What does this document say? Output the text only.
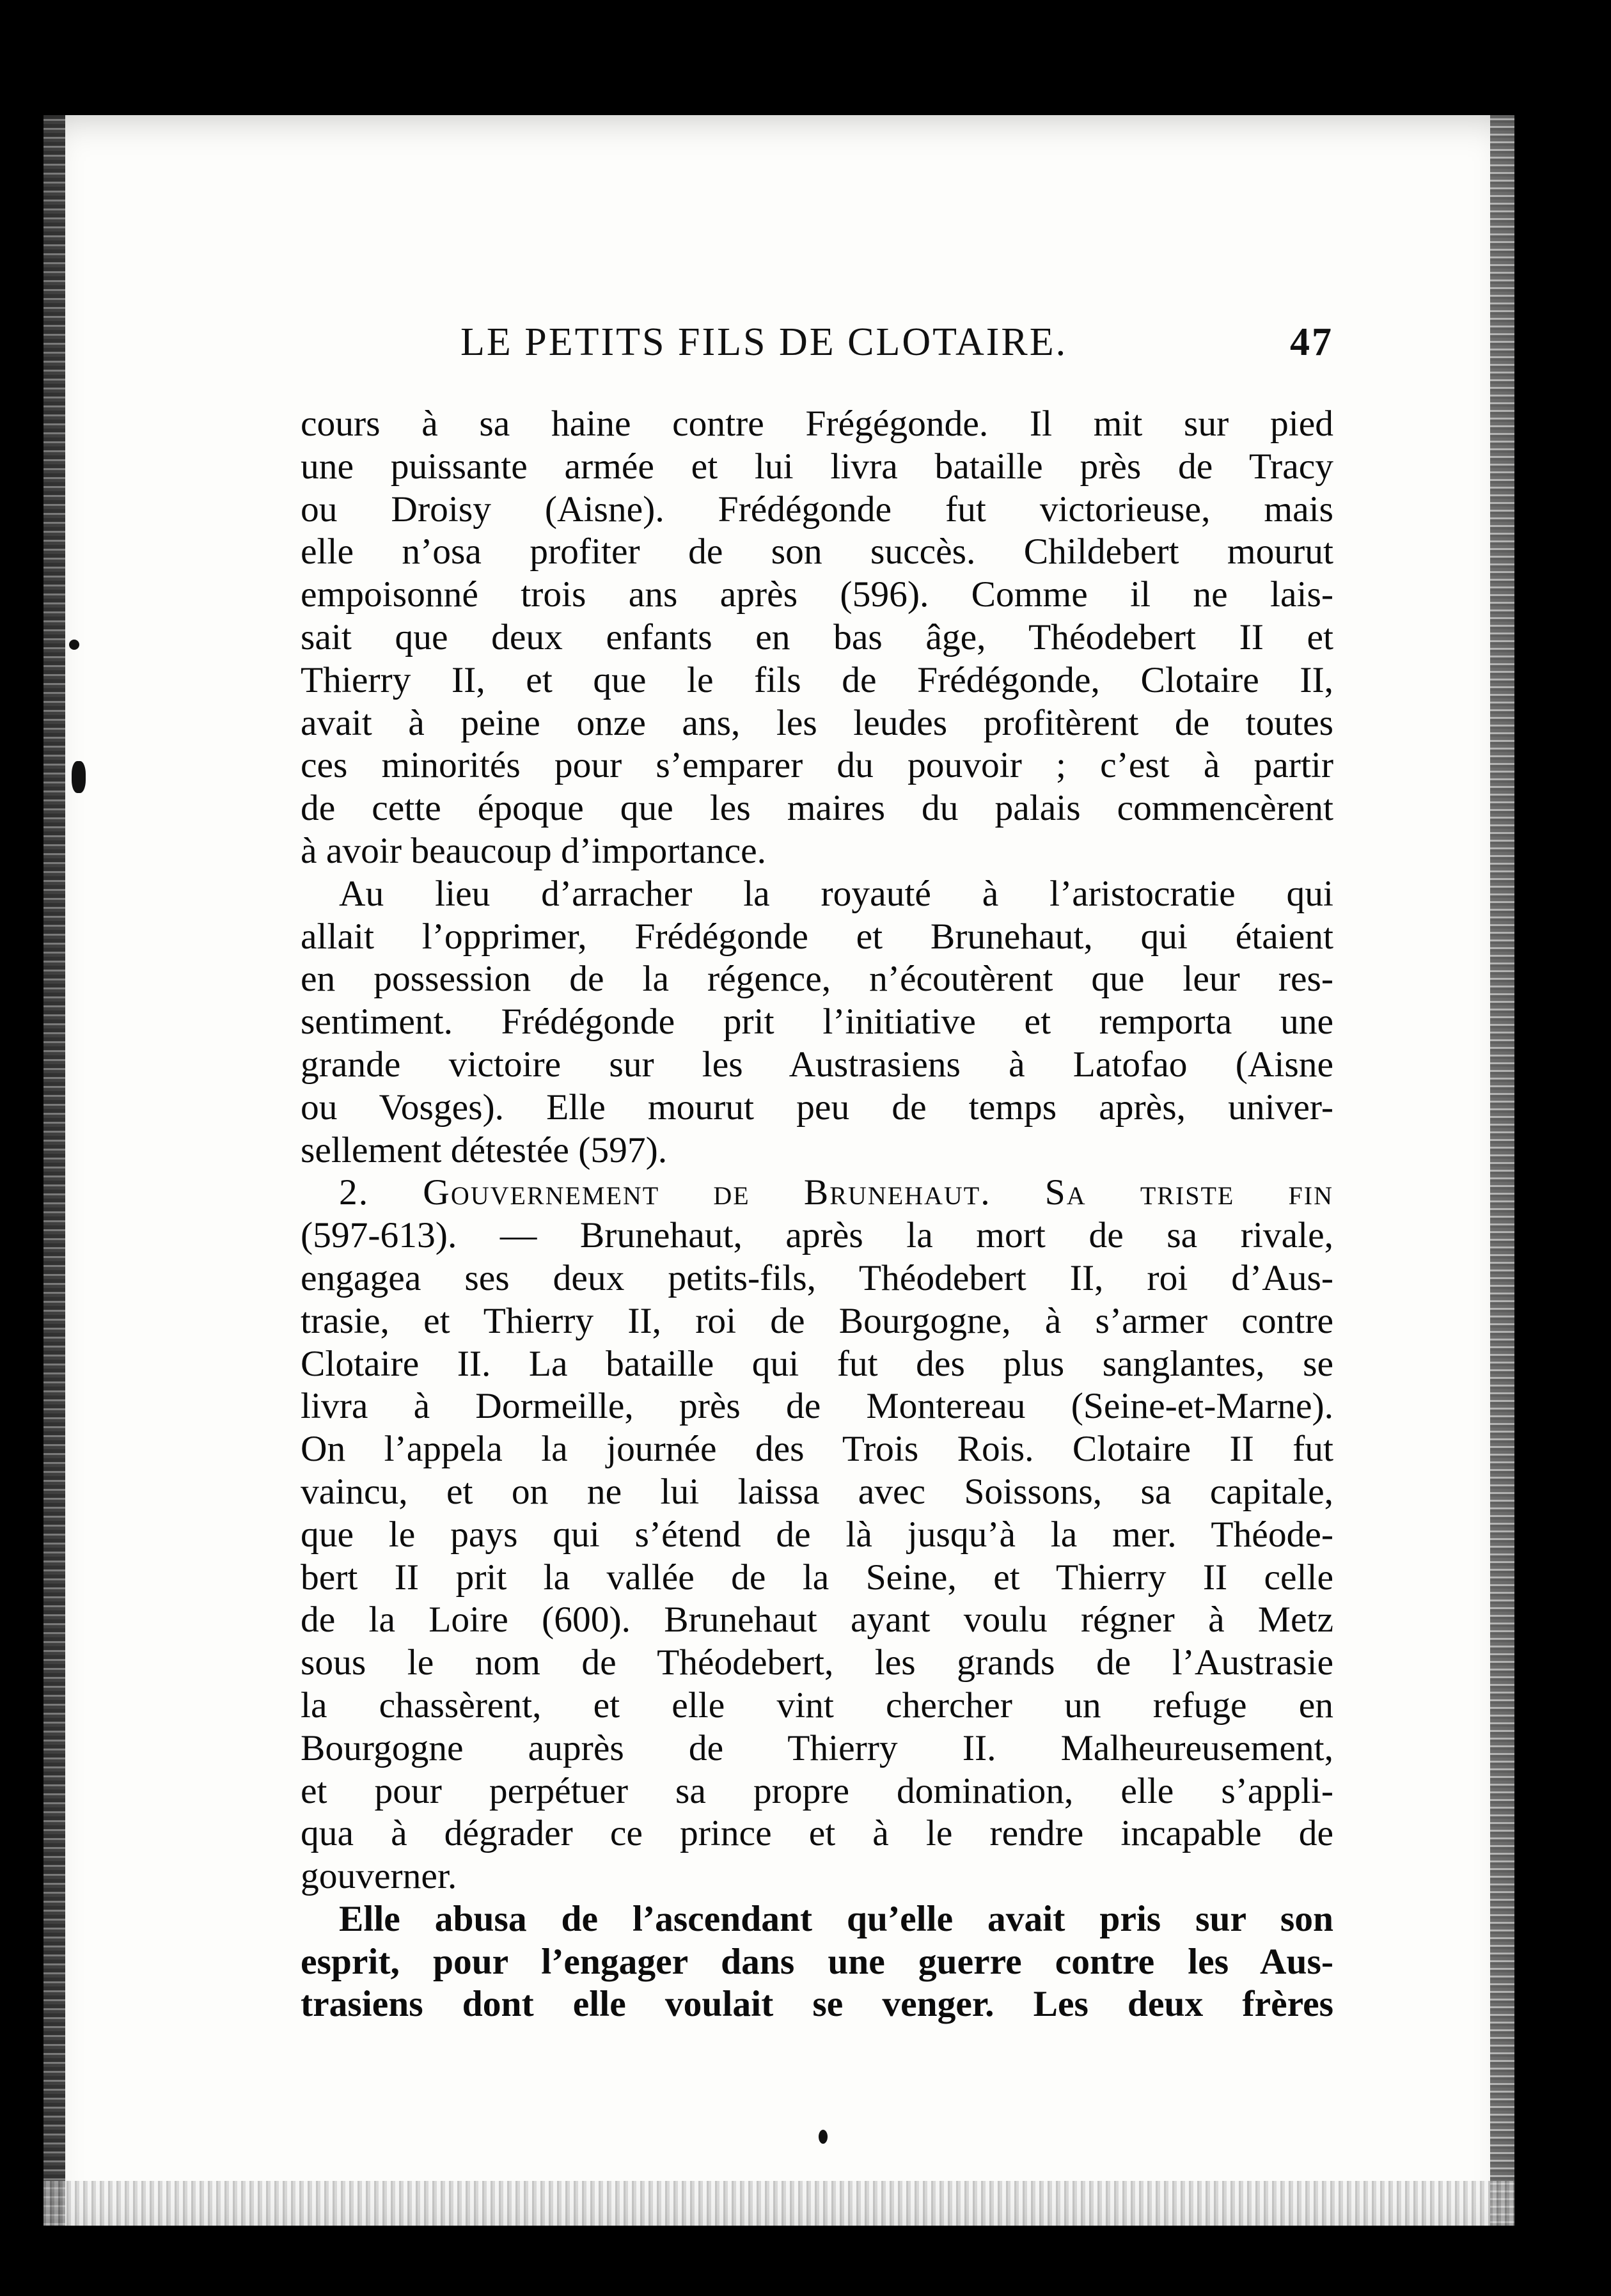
LE PETITS FILS DE CLOTAIRE.	47
cours à sa haine contre Frégégonde. Il mit sur pied
une puissante armée et lui livra bataille près de Tracy
ou Droisy (Aisne). Frédégonde fut victorieuse, mais
elle n’osa profiter de son succès. Childebert mourut
empoisonné trois ans après (596). Comme il ne lais-
sait que deux enfants en bas âge, Théodebert II et
Thierry II, et que le fils de Frédégonde, Clotaire II,
avait à peine onze ans, les leudes profitèrent de toutes
ces minorités pour s’emparer du pouvoir ; c’est à partir
de cette époque que les maires du palais commencèrent
à avoir beaucoup d’importance.
Au lieu d’arracher la royauté à l’aristocratie qui
allait l’opprimer, Frédégonde et Brunehaut, qui étaient
en possession de la régence, n’écoutèrent que leur res-
sentiment. Frédégonde prit l’initiative et remporta une
grande victoire sur les Austrasiens à Latofao (Aisne
ou Vosges). Elle mourut peu de temps après, univer-
sellement détestée (597).
2. Gouvernement de Brunehaut. Sa triste fin
(597-613). — Brunehaut, après la mort de sa rivale,
engagea ses deux petits-fils, Théodebert II, roi d’Aus-
trasie, et Thierry II, roi de Bourgogne, à s’armer contre
Clotaire II. La bataille qui fut des plus sanglantes, se
livra à Dormeille, près de Montereau (Seine-et-Marne).
On l’appela la journée des Trois Rois. Clotaire II fut
vaincu, et on ne lui laissa avec Soissons, sa capitale,
que le pays qui s’étend de là jusqu’à la mer. Théode-
bert II prit la vallée de la Seine, et Thierry II celle
de la Loire (600). Brunehaut ayant voulu régner à Metz
sous le nom de Théodebert, les grands de l’Austrasie
la chassèrent, et elle vint chercher un refuge en
Bourgogne auprès de Thierry II. Malheureusement,
et pour perpétuer sa propre domination, elle s’appli-
qua à dégrader ce prince et à le rendre incapable de
gouverner.
Elle abusa de l’ascendant qu’elle avait pris sur son
esprit, pour l’engager dans une guerre contre les Aus-
trasiens dont elle voulait se venger. Les deux frères
